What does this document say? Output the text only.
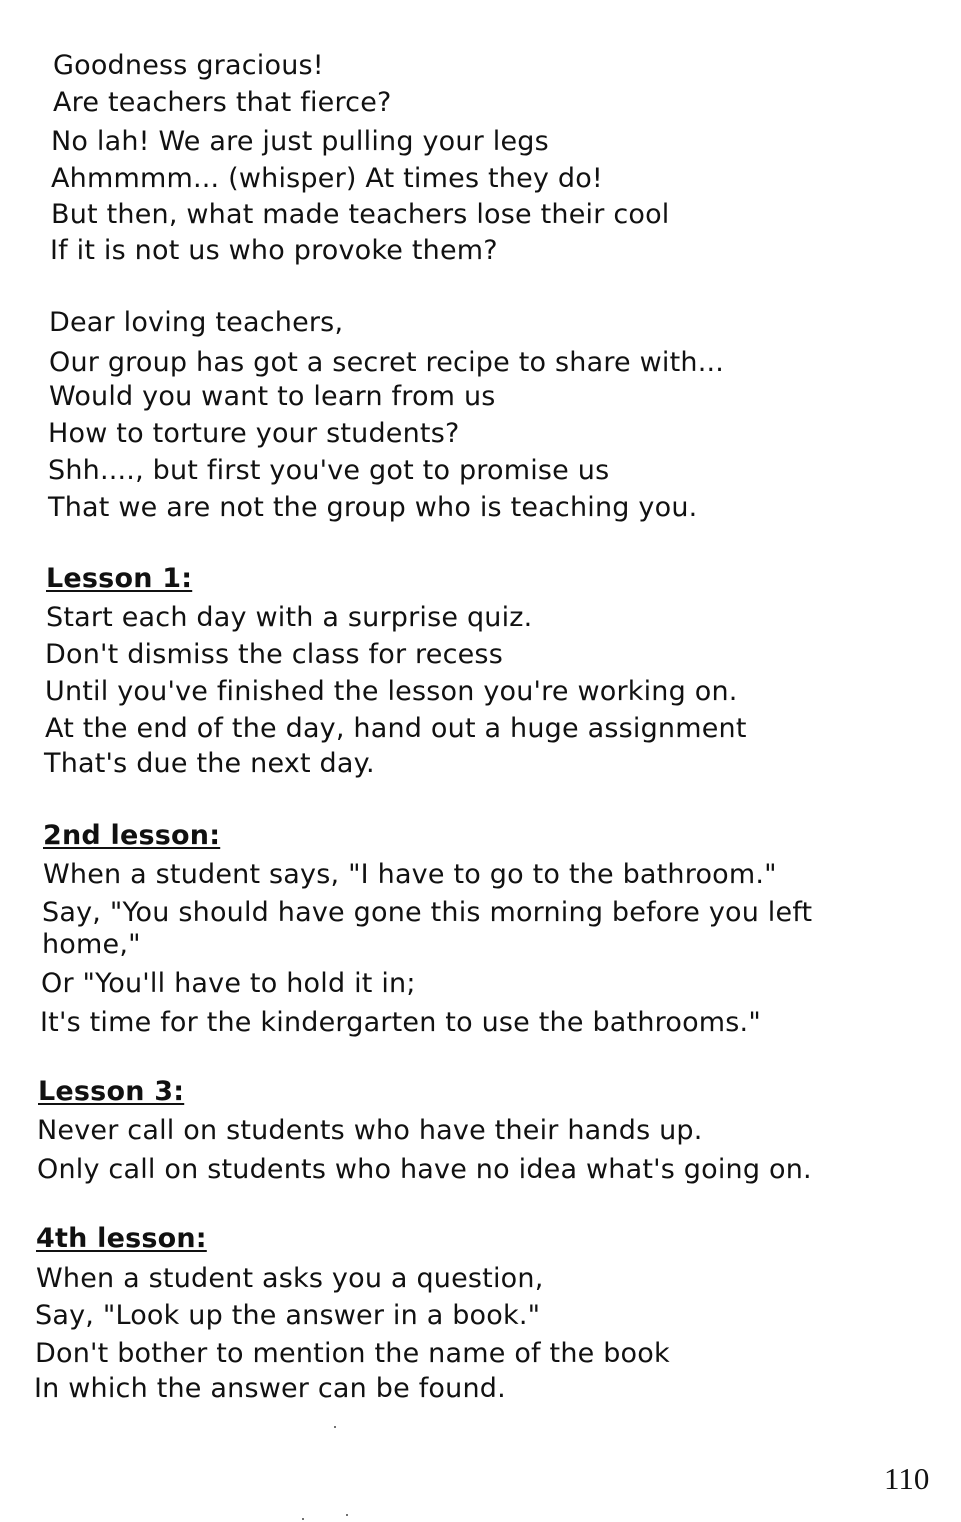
Goodness gracious!
Are teachers that fierce?
No lah! We are just pulling your legs
Ahmmmm... (whisper) At times they do!
But then, what made teachers lose their cool
If it is not us who provoke them?
Dear loving teachers,
Our group has got a secret recipe to share with...
Would you want to learn from us
How to torture your students?
Shh...., but first you've got to promise us
That we are not the group who is teaching you.
Lesson 1:
Start each day with a surprise quiz.
Don't dismiss the class for recess
Until you've finished the lesson you're working on.
At the end of the day, hand out a huge assignment
That's due the next day.
2nd lesson:
When a student says, "I have to go to the bathroom."
Say, "You should have gone this morning before you left
home,"
Or "You'll have to hold it in;
It's time for the kindergarten to use the bathrooms."
Lesson 3:
Never call on students who have their hands up.
Only call on students who have no idea what's going on.
4th lesson:
When a student asks you a question,
Say, "Look up the answer in a book."
Don't bother to mention the name of the book
In which the answer can be found.
110
